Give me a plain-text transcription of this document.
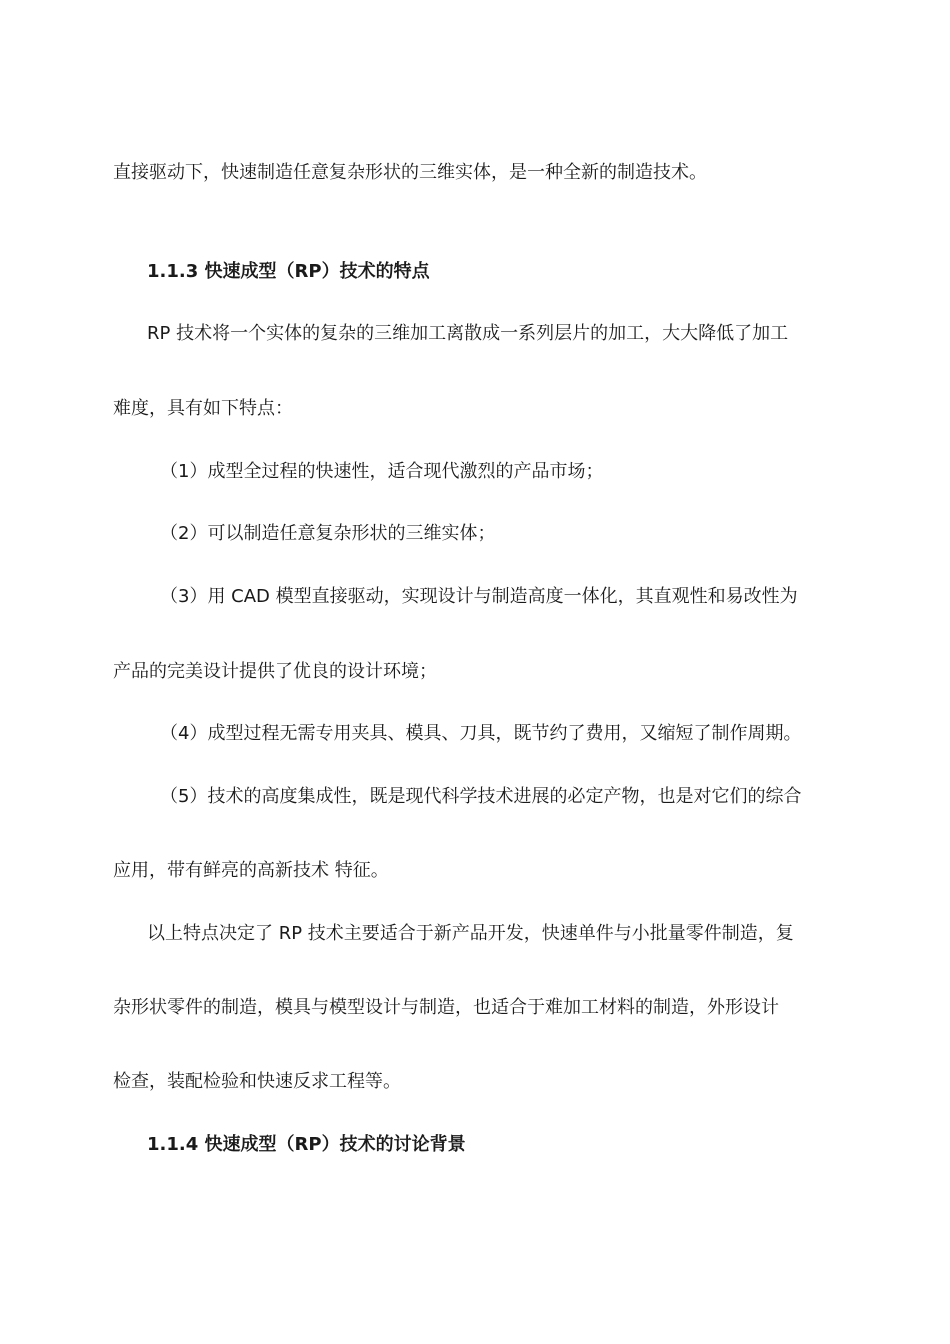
直接驱动下，快速制造任意复杂形状的三维实体，是一种全新的制造技术。
1.1.3 快速成型（RP）技术的特点
RP 技术将一个实体的复杂的三维加工离散成一系列层片的加工，大大降低了加工
难度，具有如下特点：
（1）成型全过程的快速性，适合现代激烈的产品市场；
（2）可以制造任意复杂形状的三维实体；
（3）用 CAD 模型直接驱动，实现设计与制造高度一体化，其直观性和易改性为
产品的完美设计提供了优良的设计环境；
（4）成型过程无需专用夹具、模具、刀具，既节约了费用，又缩短了制作周期。
（5）技术的高度集成性，既是现代科学技术进展的必定产物，也是对它们的综合
应用，带有鲜亮的高新技术 特征。
以上特点决定了 RP 技术主要适合于新产品开发，快速单件与小批量零件制造，复
杂形状零件的制造，模具与模型设计与制造，也适合于难加工材料的制造，外形设计
检查，装配检验和快速反求工程等。
1.1.4 快速成型（RP）技术的讨论背景
